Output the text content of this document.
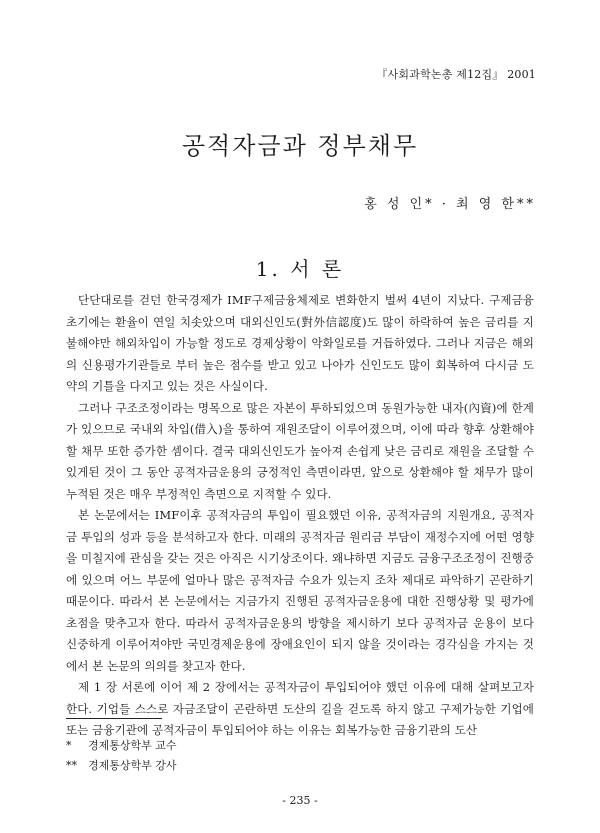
『사회과학논총 제12집』 2001
공적자금과 정부채무
홍 성 인* · 최 영 한**
1. 서 론

단단대로를 걷던 한국경제가 IMF구제금융체제로 변화한지 벌써 4년이 지났다. 구제금융 초기에는 환율이 연일 치솟았으며 대외신인도(對外信認度)도 많이 하락하여 높은 금리를 지불해야만 해외차입이 가능할 정도로 경제상황이 악화일로를 거듭하였다. 그러나 지금은 해외의 신용평가기관들로 부터 높은 점수를 받고 있고 나아가 신인도도 많이 회복하여 다시금 도약의 기틀을 다지고 있는 것은 사실이다.

그러나 구조조정이라는 명목으로 많은 자본이 투하되었으며 동원가능한 내자(內資)에 한계가 있으므로 국내외 차입(借入)을 통하여 재원조달이 이루어졌으며, 이에 따라 향후 상환해야할 채무 또한 증가한 셈이다. 결국 대외신인도가 높아져 손쉽게 낮은 금리로 재원을 조달할 수 있게된 것이 그 동안 공적자금운용의 긍정적인 측면이라면, 앞으로 상환해야 할 채무가 많이 누적된 것은 매우 부정적인 측면으로 지적할 수 있다.

본 논문에서는 IMF이후 공적자금의 투입이 필요했던 이유, 공적자금의 지원개요, 공적자금 투입의 성과 등을 분석하고자 한다. 미래의 공적자금 원리금 부담이 재정수지에 어떤 영향을 미칠지에 관심을 갖는 것은 아직은 시기상조이다. 왜냐하면 지금도 금융구조조정이 진행중에 있으며 어느 부문에 얼마나 많은 공적자금 수요가 있는지 조차 제대로 파악하기 곤란하기 때문이다. 따라서 본 논문에서는 지금가지 진행된 공적자금운용에 대한 진행상황 및 평가에 초점을 맞추고자 한다. 따라서 공적자금운용의 방향을 제시하기 보다 공적자금 운용이 보다 신중하게 이루어져야만 국민경제운용에 장애요인이 되지 않을 것이라는 경각심을 가지는 것에서 본 논문의 의의를 찾고자 한다.

제 1 장 서론에 이어 제 2 장에서는 공적자금이 투입되어야 했던 이유에 대해 살펴보고자 한다. 기업들 스스로 자금조달이 곤란하면 도산의 길을 걷도록 하지 않고 구제가능한 기업에 또는 금융기관에 공적자금이 투입되어야 하는 이유는 회복가능한 금융기관의 도산

*	경제통상학부 교수
**	경제통상학부 강사
- 235 -
